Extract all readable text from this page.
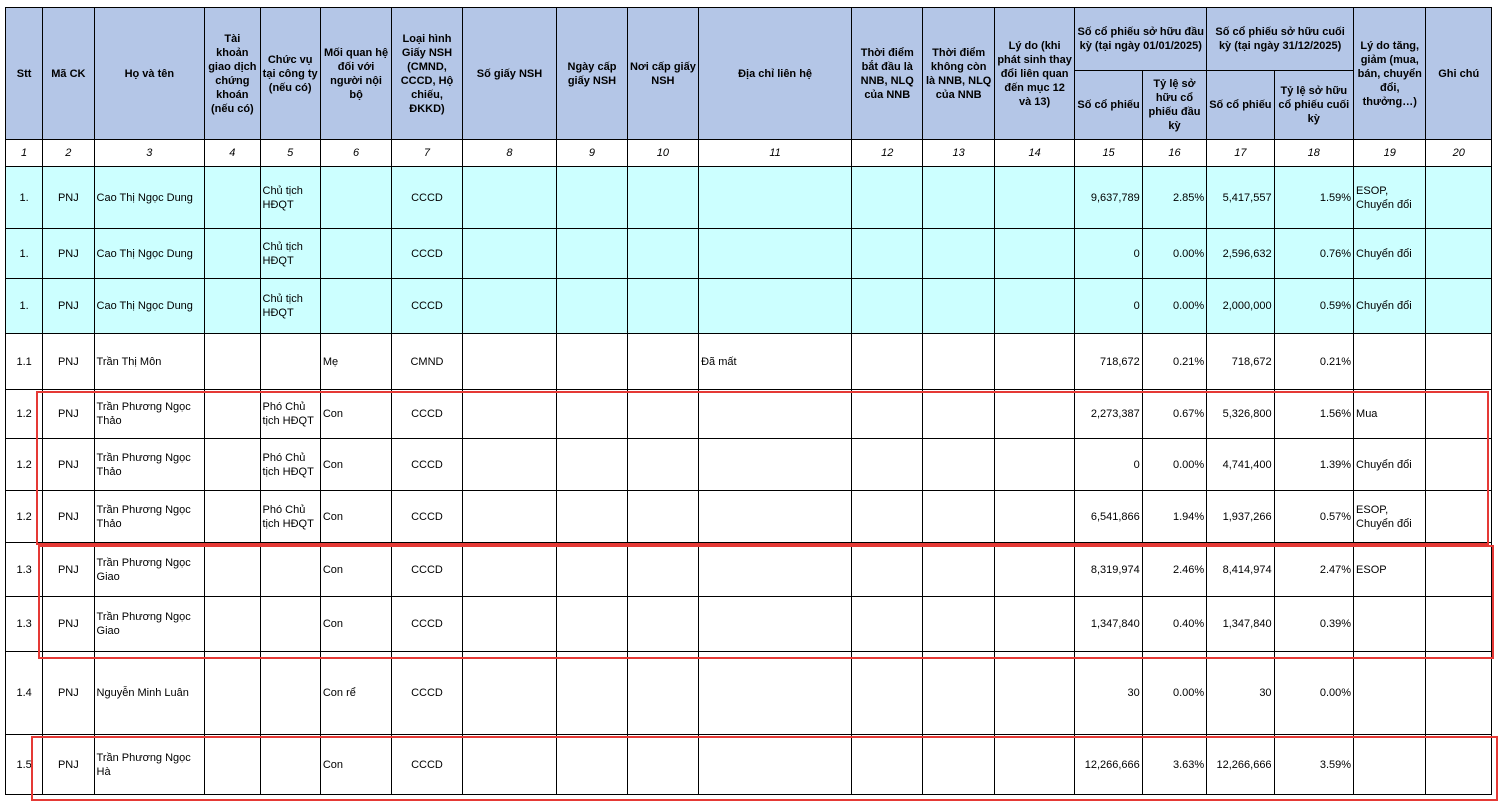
Stt	Mã CK	Họ và tên	Tài khoản giao dịch chứng khoán (nếu có)	Chức vụ tại công ty (nếu có)	Mối quan hệ đối với người nội bộ	Loại hình Giấy NSH (CMND, CCCD, Hộ chiếu, ĐKKD)	Số giấy NSH	Ngày cấp giấy NSH	Nơi cấp giấy NSH	Địa chỉ liên hệ	Thời điểm bắt đầu là NNB, NLQ của NNB	Thời điểm không còn là NNB, NLQ của NNB	Lý do (khi phát sinh thay đổi liên quan đến mục 12 và 13)	Số cổ phiếu sở hữu đầu kỳ (tại ngày 01/01/2025)		Số cổ phiếu sở hữu cuối kỳ (tại ngày 31/12/2025)		Lý do tăng, giảm (mua, bán, chuyển đổi, thưởng…)	Ghi chú
														Số cổ phiếu	Tỷ lệ sở hữu cổ phiếu đầu kỳ	Số cổ phiếu	Tỷ lệ sở hữu cổ phiếu cuối kỳ		
1	2	3	4	5	6	7	8	9	10	11	12	13	14	15	16	17	18	19	20
1.	PNJ	Cao Thị Ngọc Dung		Chủ tịch HĐQT		CCCD								9,637,789	2.85%	5,417,557	1.59%	ESOP, Chuyển đổi	
1.	PNJ	Cao Thị Ngọc Dung		Chủ tịch HĐQT		CCCD								0	0.00%	2,596,632	0.76%	Chuyển đổi	
1.	PNJ	Cao Thị Ngọc Dung		Chủ tịch HĐQT		CCCD								0	0.00%	2,000,000	0.59%	Chuyển đổi	
1.1	PNJ	Trần Thị Môn			Mẹ	CMND				Đã mất				718,672	0.21%	718,672	0.21%		
1.2	PNJ	Trần Phương Ngọc Thảo		Phó Chủ tịch HĐQT	Con	CCCD								2,273,387	0.67%	5,326,800	1.56%	Mua	
1.2	PNJ	Trần Phương Ngọc Thảo		Phó Chủ tịch HĐQT	Con	CCCD								0	0.00%	4,741,400	1.39%	Chuyển đổi	
1.2	PNJ	Trần Phương Ngọc Thảo		Phó Chủ tịch HĐQT	Con	CCCD								6,541,866	1.94%	1,937,266	0.57%	ESOP, Chuyển đổi	
1.3	PNJ	Trần Phương Ngọc Giao			Con	CCCD								8,319,974	2.46%	8,414,974	2.47%	ESOP	
1.3	PNJ	Trần Phương Ngọc Giao			Con	CCCD								1,347,840	0.40%	1,347,840	0.39%		
1.4	PNJ	Nguyễn Minh Luân			Con rể	CCCD								30	0.00%	30	0.00%		
1.5	PNJ	Trần Phương Ngọc Hà			Con	CCCD								12,266,666	3.63%	12,266,666	3.59%		
